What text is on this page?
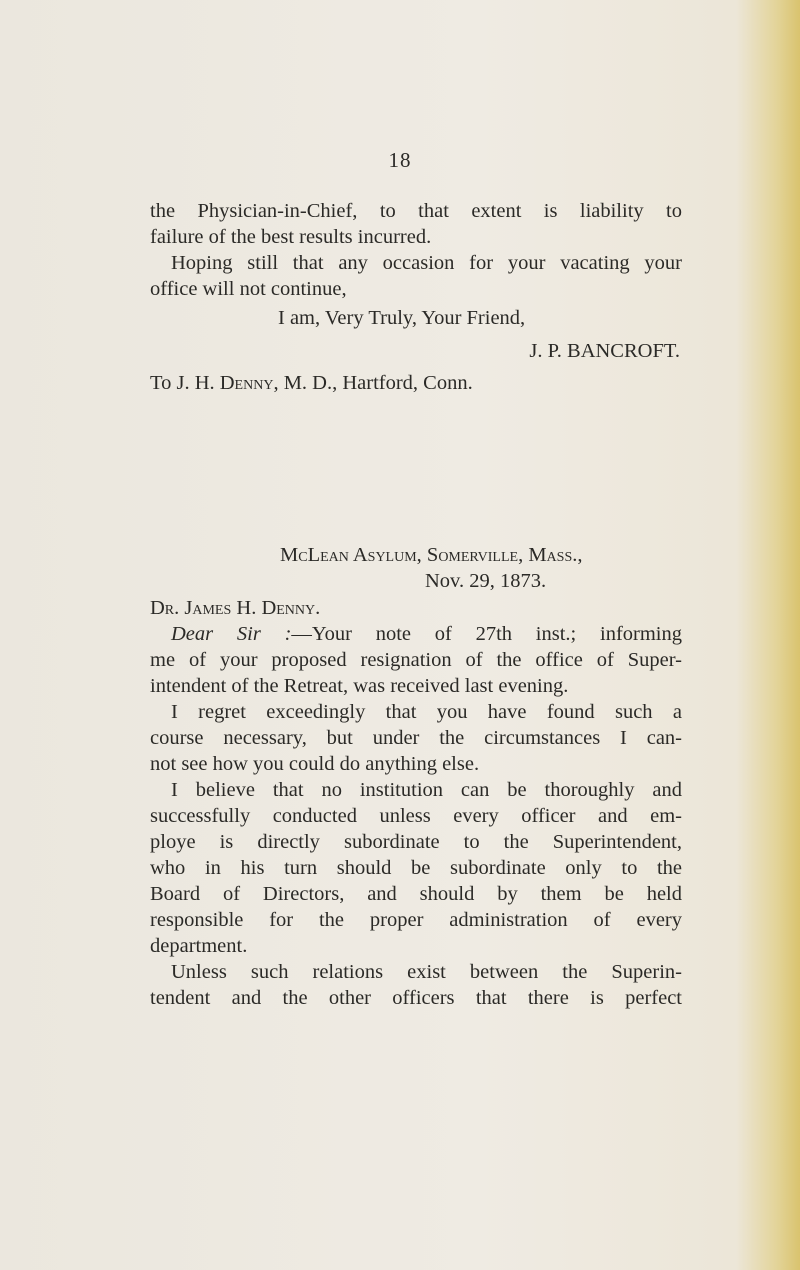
18
the Physician-in-Chief, to that extent is liability to
failure of the best results incurred.
Hoping still that any occasion for your vacating your
office will not continue,
I am, Very Truly, Your Friend,
J. P. BANCROFT.
To J. H. Denny, M. D., Hartford, Conn.
McLean Asylum, Somerville, Mass.,
Nov. 29, 1873.
Dr. James H. Denny.
Dear Sir :—Your note of 27th inst.; informing
me of your proposed resignation of the office of Super-
intendent of the Retreat, was received last evening.
I regret exceedingly that you have found such a
course necessary, but under the circumstances I can-
not see how you could do anything else.
I believe that no institution can be thoroughly and
successfully conducted unless every officer and em-
ploye is directly subordinate to the Superintendent,
who in his turn should be subordinate only to the
Board of Directors, and should by them be held
responsible for the proper administration of every
department.
Unless such relations exist between the Superin-
tendent and the other officers that there is perfect
